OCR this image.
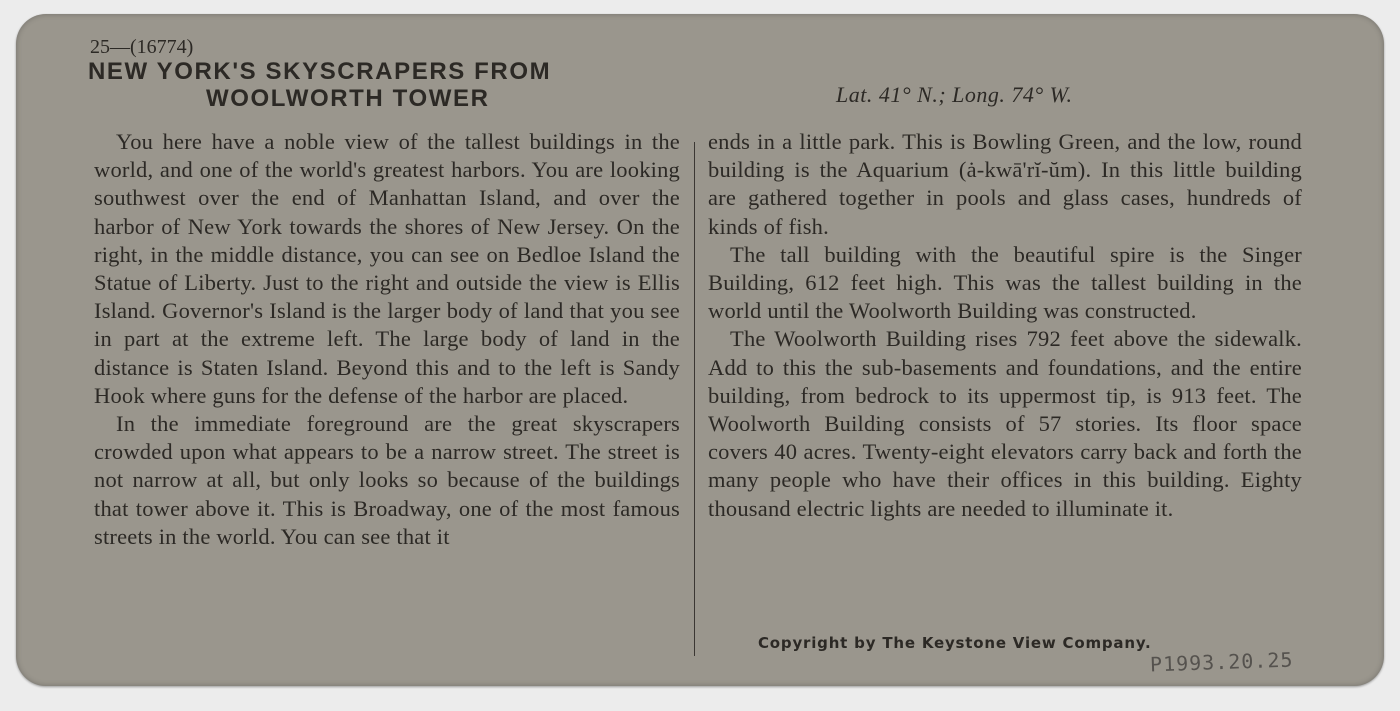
25—(16774)
NEW YORK'S SKYSCRAPERS FROM
WOOLWORTH TOWER	Lat. 41° N.; Long. 74° W.

You here have a noble view of the tallest buildings in the world, and one of the world's greatest harbors. You are looking southwest over the end of Manhattan Island, and over the harbor of New York towards the shores of New Jersey. On the right, in the middle distance, you can see on Bedloe Island the Statue of Liberty. Just to the right and outside the view is Ellis Island. Governor's Island is the larger body of land that you see in part at the extreme left. The large body of land in the distance is Staten Island. Beyond this and to the left is Sandy Hook where guns for the defense of the harbor are placed.

In the immediate foreground are the great skyscrapers crowded upon what appears to be a narrow street. The street is not narrow at all, but only looks so because of the buildings that tower above it. This is Broadway, one of the most famous streets in the world. You can see that it

ends in a little park. This is Bowling Green, and the low, round building is the Aquarium (ȧ-kwā'rĭ-ŭm). In this little building are gathered together in pools and glass cases, hundreds of kinds of fish.

The tall building with the beautiful spire is the Singer Building, 612 feet high. This was the tallest building in the world until the Woolworth Building was constructed.

The Woolworth Building rises 792 feet above the sidewalk. Add to this the sub-basements and foundations, and the entire building, from bedrock to its uppermost tip, is 913 feet. The Woolworth Building consists of 57 stories. Its floor space covers 40 acres. Twenty-eight elevators carry back and forth the many people who have their offices in this building. Eighty thousand electric lights are needed to illuminate it.

Copyright by The Keystone View Company.
P1993.20.25
